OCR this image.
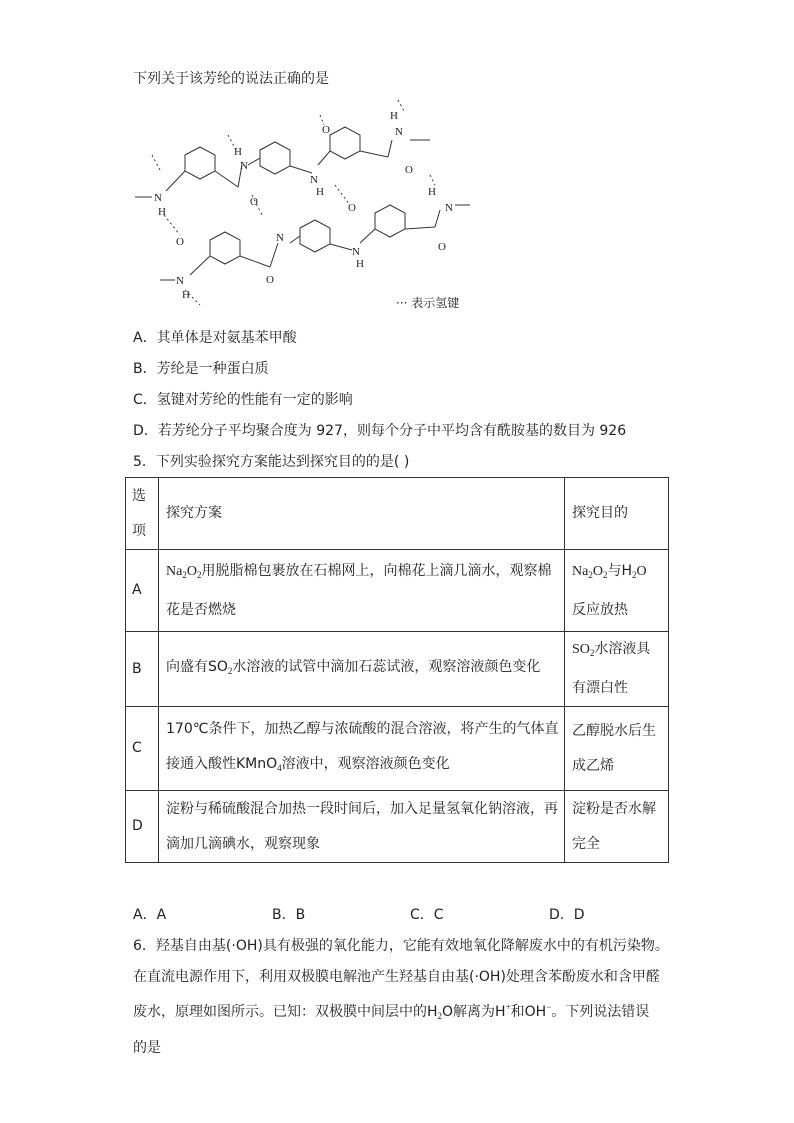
下列关于该芳纶的说法正确的是
N
H
H
N
O
N
H
O
H
N
O
H
N
O
N
H
O
N
N
H
O
O
··· 表示氢键
A．其单体是对氨基苯甲酸
B．芳纶是一种蛋白质
C．氢键对芳纶的性能有一定的影响
D．若芳纶分子平均聚合度为 927，则每个分子中平均含有酰胺基的数目为 926
5．下列实验探究方案能达到探究目的的是( )
选
项	探究方案	探究目的
A	$Na_2O_2$用脱脂棉包裹放在石棉网上，向棉花上滴几滴水，观察棉
花是否燃烧	$Na_2O_2$与$H_2O$
反应放热
B	向盛有$SO_2$水溶液的试管中滴加石蕊试液，观察溶液颜色变化	$SO_2$水溶液具
有漂白性
C	170℃条件下，加热乙醇与浓硫酸的混合溶液，将产生的气体直
接通入酸性KMnO$_4$溶液中，观察溶液颜色变化	乙醇脱水后生
成乙烯
D	淀粉与稀硫酸混合加热一段时间后，加入足量氢氧化钠溶液，再
滴加几滴碘水，观察现象	淀粉是否水解
完全
A．A	B．B	C．C	D．D
6．羟基自由基(·OH)具有极强的氧化能力，它能有效地氧化降解废水中的有机污染物。
在直流电源作用下，利用双极膜电解池产生羟基自由基(·OH)处理含苯酚废水和含甲醛
废水，原理如图所示。已知：双极膜中间层中的$H_2O$解离为H+和OH−。下列说法错误
的是
